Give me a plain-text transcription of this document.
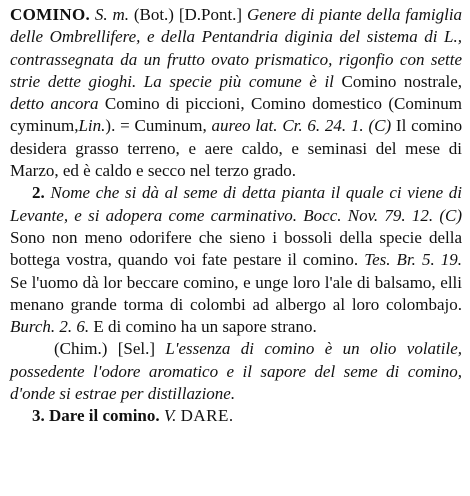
COMINO. S. m. (Bot.) [D.Pont.] Genere di piante della famiglia delle Ombrellifere, e della Pentandria diginia del sistema di L., contrassegnata da un frutto ovato prismatico, rigonfio con sette strie dette gioghi. La specie più comune è il Comino nostrale, detto ancora Comino di piccioni, Comino domestico (Cominum cyminum,Lin.). = Cuminum, aureo lat. Cr. 6. 24. 1. (C) Il comino desidera grasso terreno, e aere caldo, e seminasi del mese di Marzo, ed è caldo e secco nel terzo grado.

2. Nome che si dà al seme di detta pianta il quale ci viene di Levante, e si adopera come carminativo. Bocc. Nov. 79. 12. (C) Sono non meno odorifere che sieno i bossoli della specie della bottega vostra, quando voi fate pestare il comino. Tes. Br. 5. 19. Se l'uomo dà lor beccare comino, e unge loro l'ale di balsamo, elli menano grande torma di colombi ad albergo al loro colombajo. Burch. 2. 6. E di comino ha un sapore strano.

(Chim.) [Sel.] L'essenza di comino è un olio volatile, possedente l'odore aromatico e il sapore del seme di comino, d'onde si estrae per distillazione.

3. Dare il comino. V. DARE.
